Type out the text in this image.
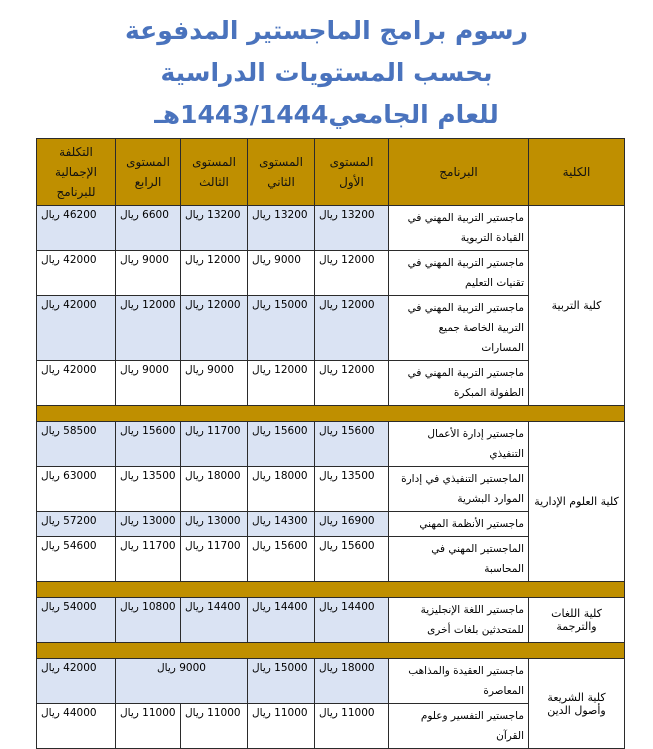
رسوم برامج الماجستير المدفوعة
بحسب المستويات الدراسية
للعام الجامعي1443/1444هـ
الكلية	البرنامج	المستوى الأول	المستوى الثاني	المستوى الثالث	المستوى الرابع	التكلفة الإجمالية للبرنامج
كلية التربية	ماجستير التربية المهني في القيادة التربوية	13200 ريال	13200 ريال	13200 ريال	6600 ريال	46200 ريال
	ماجستير التربية المهني في تقنيات التعليم	12000 ريال	9000 ريال	12000 ريال	9000 ريال	42000 ريال
	ماجستير التربية المهني في التربية الخاصة جميع المسارات	12000 ريال	15000 ريال	12000 ريال	12000 ريال	42000 ريال
	ماجستير التربية المهني في الطفولة المبكرة	12000 ريال	12000 ريال	9000 ريال	9000 ريال	42000 ريال

كلية العلوم الإدارية	ماجستير إدارة الأعمال التنفيذي	15600 ريال	15600 ريال	11700 ريال	15600 ريال	58500 ريال
	الماجستير التنفيذي في إدارة الموارد البشرية	13500 ريال	18000 ريال	18000 ريال	13500 ريال	63000 ريال
	ماجستير الأنظمة المهني	16900 ريال	14300 ريال	13000 ريال	13000 ريال	57200 ريال
	الماجستير المهني في المحاسبة	15600 ريال	15600 ريال	11700 ريال	11700 ريال	54600 ريال

كلية اللغات والترجمة	ماجستير اللغة الإنجليزية للمتحدثين بلغات أخرى	14400 ريال	14400 ريال	14400 ريال	10800 ريال	54000 ريال

كلية الشريعة وأصول الدين	ماجستير العقيدة والمذاهب المعاصرة	18000 ريال	15000 ريال	9000 ريال		42000 ريال
	ماجستير التفسير وعلوم القرآن	11000 ريال	11000 ريال	11000 ريال	11000 ريال	44000 ريال
